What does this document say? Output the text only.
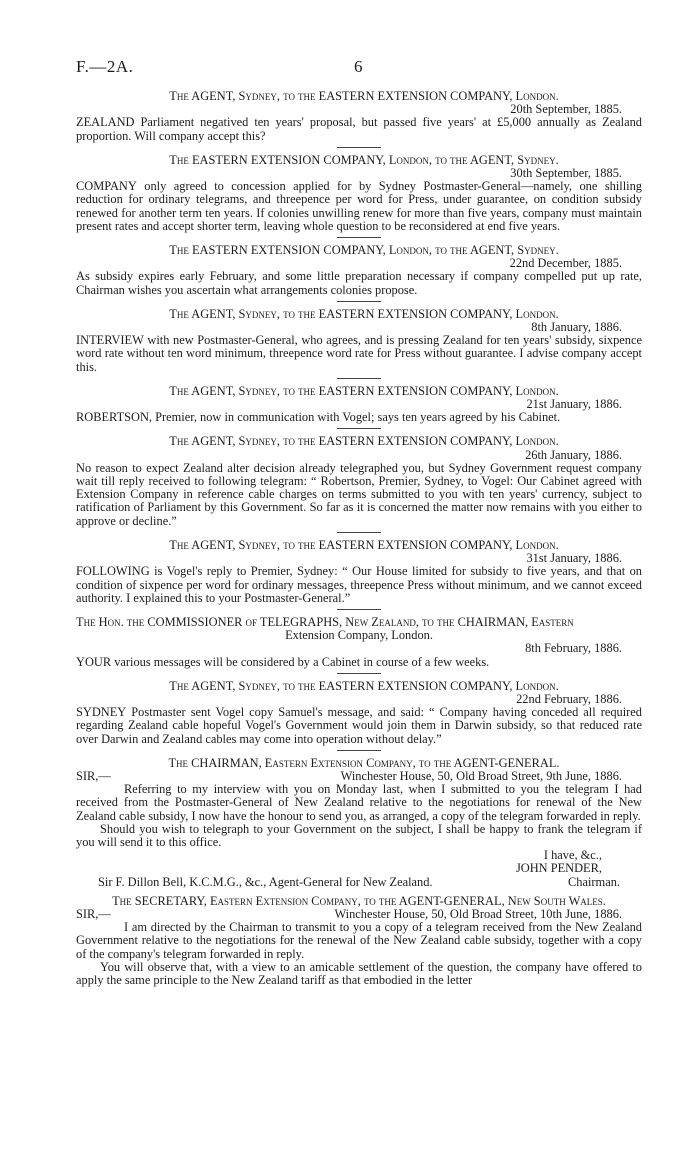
F.—2A.	6

The AGENT, Sydney, to the EASTERN EXTENSION COMPANY, London.

20th September, 1885.

ZEALAND Parliament negatived ten years' proposal, but passed five years' at £5,000 annually as Zealand proportion. Will company accept this?

The EASTERN EXTENSION COMPANY, London, to the AGENT, Sydney.

30th September, 1885.

COMPANY only agreed to concession applied for by Sydney Postmaster-General—namely, one shilling reduction for ordinary telegrams, and threepence per word for Press, under guarantee, on condition subsidy renewed for another term ten years. If colonies unwilling renew for more than five years, company must maintain present rates and accept shorter term, leaving whole question to be reconsidered at end five years.

The EASTERN EXTENSION COMPANY, London, to the AGENT, Sydney.

22nd December, 1885.

As subsidy expires early February, and some little preparation necessary if company compelled put up rate, Chairman wishes you ascertain what arrangements colonies propose.

The AGENT, Sydney, to the EASTERN EXTENSION COMPANY, London.

8th January, 1886.

INTERVIEW with new Postmaster-General, who agrees, and is pressing Zealand for ten years' subsidy, sixpence word rate without ten word minimum, threepence word rate for Press without guarantee. I advise company accept this.

The AGENT, Sydney, to the EASTERN EXTENSION COMPANY, London.

21st January, 1886.

ROBERTSON, Premier, now in communication with Vogel; says ten years agreed by his Cabinet.

The AGENT, Sydney, to the EASTERN EXTENSION COMPANY, London.

26th January, 1886.

No reason to expect Zealand alter decision already telegraphed you, but Sydney Government request company wait till reply received to following telegram: “ Robertson, Premier, Sydney, to Vogel: Our Cabinet agreed with Extension Company in reference cable charges on terms submitted to you with ten years' currency, subject to ratification of Parliament by this Government. So far as it is concerned the matter now remains with you either to approve or decline.”

The AGENT, Sydney, to the EASTERN EXTENSION COMPANY, London.

31st January, 1886.

FOLLOWING is Vogel's reply to Premier, Sydney: “ Our House limited for subsidy to five years, and that on condition of sixpence per word for ordinary messages, threepence Press without minimum, and we cannot exceed authority. I explained this to your Postmaster-General.”

The Hon. the COMMISSIONER of TELEGRAPHS, New Zealand, to the CHAIRMAN, Eastern

Extension Company, London.

8th February, 1886.

YOUR various messages will be considered by a Cabinet in course of a few weeks.

The AGENT, Sydney, to the EASTERN EXTENSION COMPANY, London.

22nd February, 1886.

SYDNEY Postmaster sent Vogel copy Samuel's message, and said: “ Company having conceded all required regarding Zealand cable hopeful Vogel's Government would join them in Darwin subsidy, so that reduced rate over Darwin and Zealand cables may come into operation without delay.”

The CHAIRMAN, Eastern Extension Company, to the AGENT-GENERAL.

SIR,—	Winchester House, 50, Old Broad Street, 9th June, 1886.

Referring to my interview with you on Monday last, when I submitted to you the telegram I had received from the Postmaster-General of New Zealand relative to the negotiations for renewal of the New Zealand cable subsidy, I now have the honour to send you, as arranged, a copy of the telegram forwarded in reply.

Should you wish to telegraph to your Government on the subject, I shall be happy to frank the telegram if you will send it to this office.

I have, &c.,

JOHN PENDER,

Sir F. Dillon Bell, K.C.M.G., &c., Agent-General for New Zealand.	Chairman.

The SECRETARY, Eastern Extension Company, to the AGENT-GENERAL, New South Wales.

SIR,—	Winchester House, 50, Old Broad Street, 10th June, 1886.

I am directed by the Chairman to transmit to you a copy of a telegram received from the New Zealand Government relative to the negotiations for the renewal of the New Zealand cable subsidy, together with a copy of the company's telegram forwarded in reply.

You will observe that, with a view to an amicable settlement of the question, the company have offered to apply the same principle to the New Zealand tariff as that embodied in the letter
